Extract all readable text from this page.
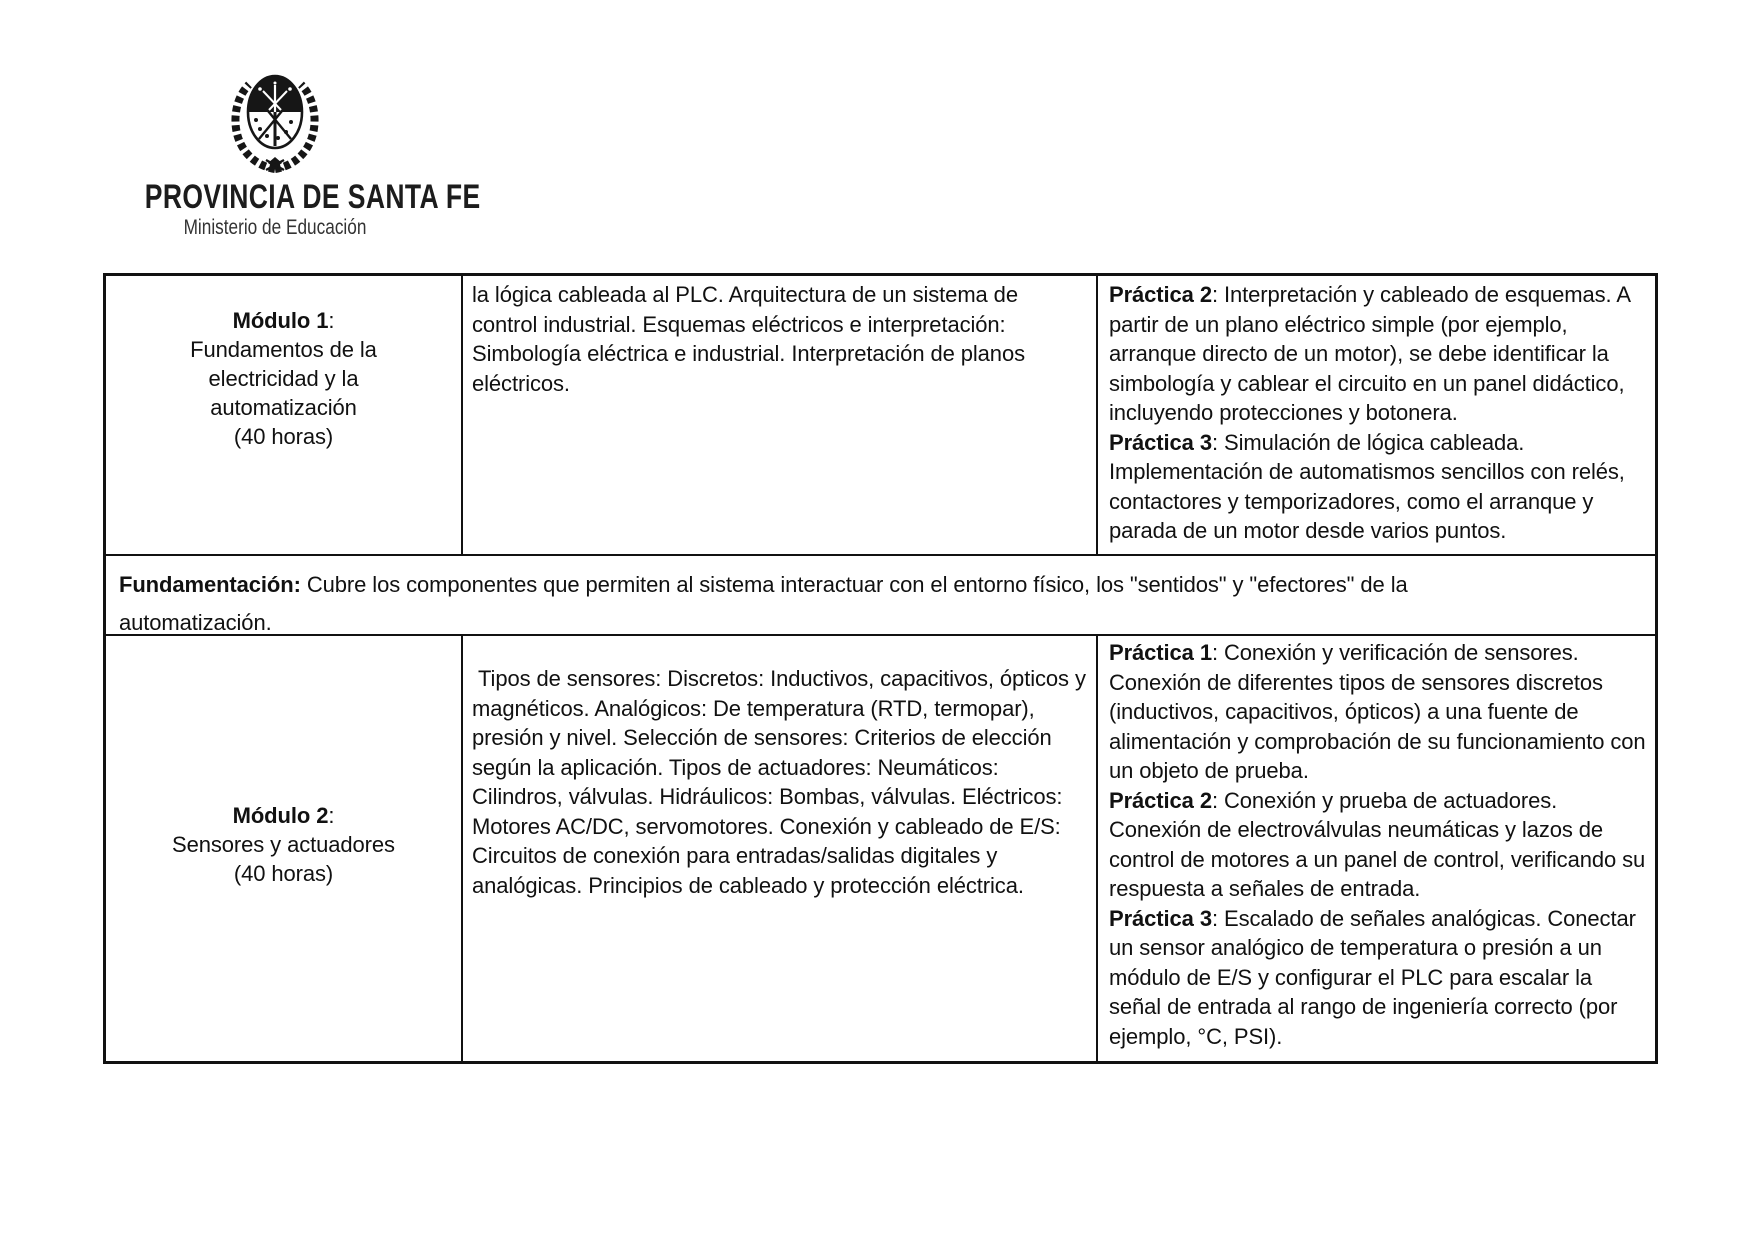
PROVINCIA DE SANTA FE
Ministerio de Educación
Módulo 1:
Fundamentos de la
electricidad y la
automatización
(40 horas)
la lógica cableada al PLC. Arquitectura de un sistema de control industrial. Esquemas eléctricos e interpretación: Simbología eléctrica e industrial. Interpretación de planos eléctricos.
Práctica 2: Interpretación y cableado de esquemas. A partir de un plano eléctrico simple (por ejemplo, arranque directo de un motor), se debe identificar la simbología y cablear el circuito en un panel didáctico, incluyendo protecciones y botonera.
Práctica 3: Simulación de lógica cableada. Implementación de automatismos sencillos con relés, contactores y temporizadores, como el arranque y parada de un motor desde varios puntos.
Fundamentación: Cubre los componentes que permiten al sistema interactuar con el entorno físico, los "sentidos" y "efectores" de la
automatización.
Módulo 2:
Sensores y actuadores
(40 horas)
Tipos de sensores: Discretos: Inductivos, capacitivos, ópticos y magnéticos. Analógicos: De temperatura (RTD, termopar), presión y nivel. Selección de sensores: Criterios de elección según la aplicación. Tipos de actuadores: Neumáticos: Cilindros, válvulas. Hidráulicos: Bombas, válvulas. Eléctricos: Motores AC/DC, servomotores. Conexión y cableado de E/S: Circuitos de conexión para entradas/salidas digitales y analógicas. Principios de cableado y protección eléctrica.
Práctica 1: Conexión y verificación de sensores. Conexión de diferentes tipos de sensores discretos (inductivos, capacitivos, ópticos) a una fuente de alimentación y comprobación de su funcionamiento con un objeto de prueba.
Práctica 2: Conexión y prueba de actuadores. Conexión de electroválvulas neumáticas y lazos de control de motores a un panel de control, verificando su respuesta a señales de entrada.
Práctica 3: Escalado de señales analógicas. Conectar un sensor analógico de temperatura o presión a un módulo de E/S y configurar el PLC para escalar la señal de entrada al rango de ingeniería correcto (por ejemplo, °C, PSI).
